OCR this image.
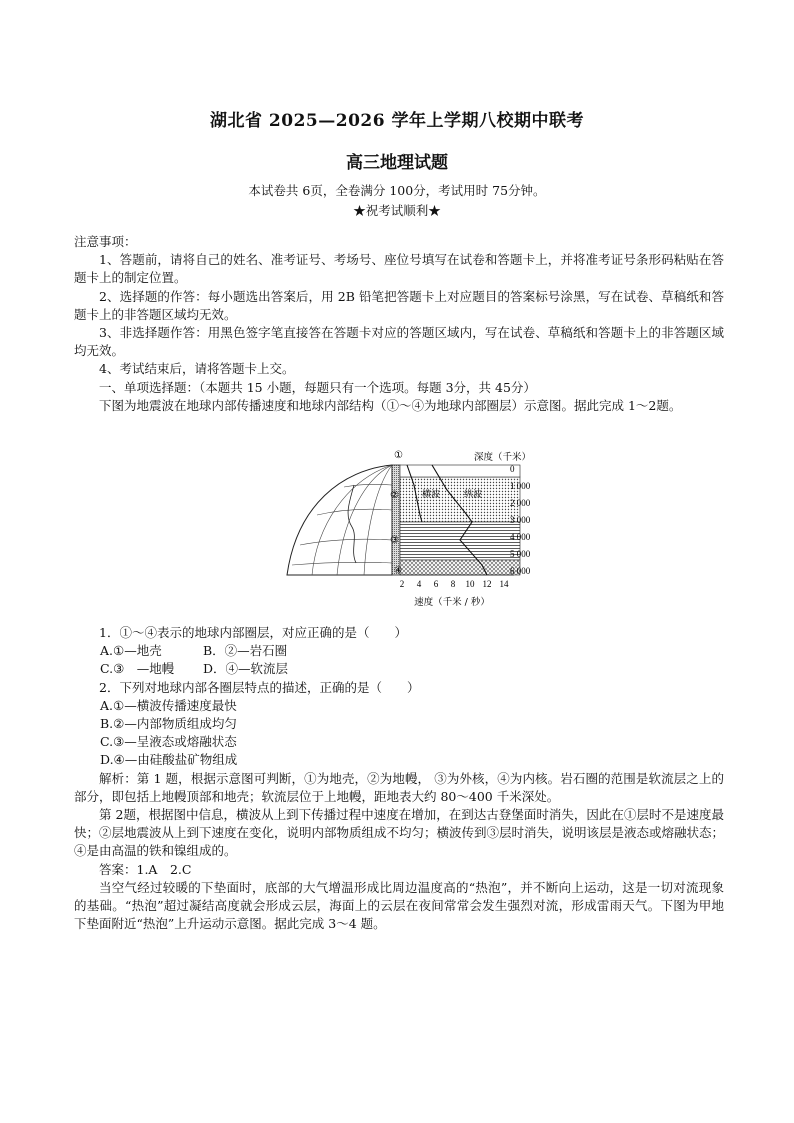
湖北省 2025—2026 学年上学期八校期中联考
高三地理试题
本试卷共 6页，全卷满分 100分，考试用时 75分钟。
★祝考试顺利★

注意事项：

1、答题前，请将自己的姓名、准考证号、考场号、座位号填写在试卷和答题卡上，并将准考证号条形码粘贴在答题卡上的制定位置。

2、选择题的作答：每小题选出答案后，用 2B 铅笔把答题卡上对应题目的答案标号涂黑，写在试卷、草稿纸和答题卡上的非答题区域均无效。

3、非选择题作答：用黑色签字笔直接答在答题卡对应的答题区域内，写在试卷、草稿纸和答题卡上的非答题区域均无效。

4、考试结束后，请将答题卡上交。

一、单项选择题：（本题共 15 小题，每题只有一个选项。每题 3分，共 45分）

下图为地震波在地球内部传播速度和地球内部结构（①～④为地球内部圈层）示意图。据此完成 1～2题。

①
②
③
④
横波	纵波
深度（千米）
0
1 000
2 000
3 000
4 000
5 000
6 000
2 4 6 8 10 12 14
速度（千米 / 秒）

1．①～④表示的地球内部圈层，对应正确的是（　　）

A.①—地壳	B．②—岩石圈
C.③　—地幔	D．④—软流层

2．下列对地球内部各圈层特点的描述，正确的是（　　）

A.①—横波传播速度最快

B.②—内部物质组成均匀

C.③—呈液态或熔融状态

D.④—由硅酸盐矿物组成

解析：第 1 题，根据示意图可判断，①为地壳，②为地幔， ③为外核，④为内核。岩石圈的范围是软流层之上的部分，即包括上地幔顶部和地壳；软流层位于上地幔，距地表大约 80～400 千米深处。

第 2题，根据图中信息，横波从上到下传播过程中速度在增加，在到达古登堡面时消失，因此在①层时不是速度最快；②层地震波从上到下速度在变化，说明内部物质组成不均匀；横波传到③层时消失，说明该层是液态或熔融状态；④是由高温的铁和镍组成的。

答案：1.A　2.C

当空气经过较暖的下垫面时，底部的大气增温形成比周边温度高的“热泡”，并不断向上运动，这是一切对流现象的基础。“热泡”超过凝结高度就会形成云层，海面上的云层在夜间常常会发生强烈对流，形成雷雨天气。下图为甲地下垫面附近“热泡”上升运动示意图。据此完成 3～4 题。
